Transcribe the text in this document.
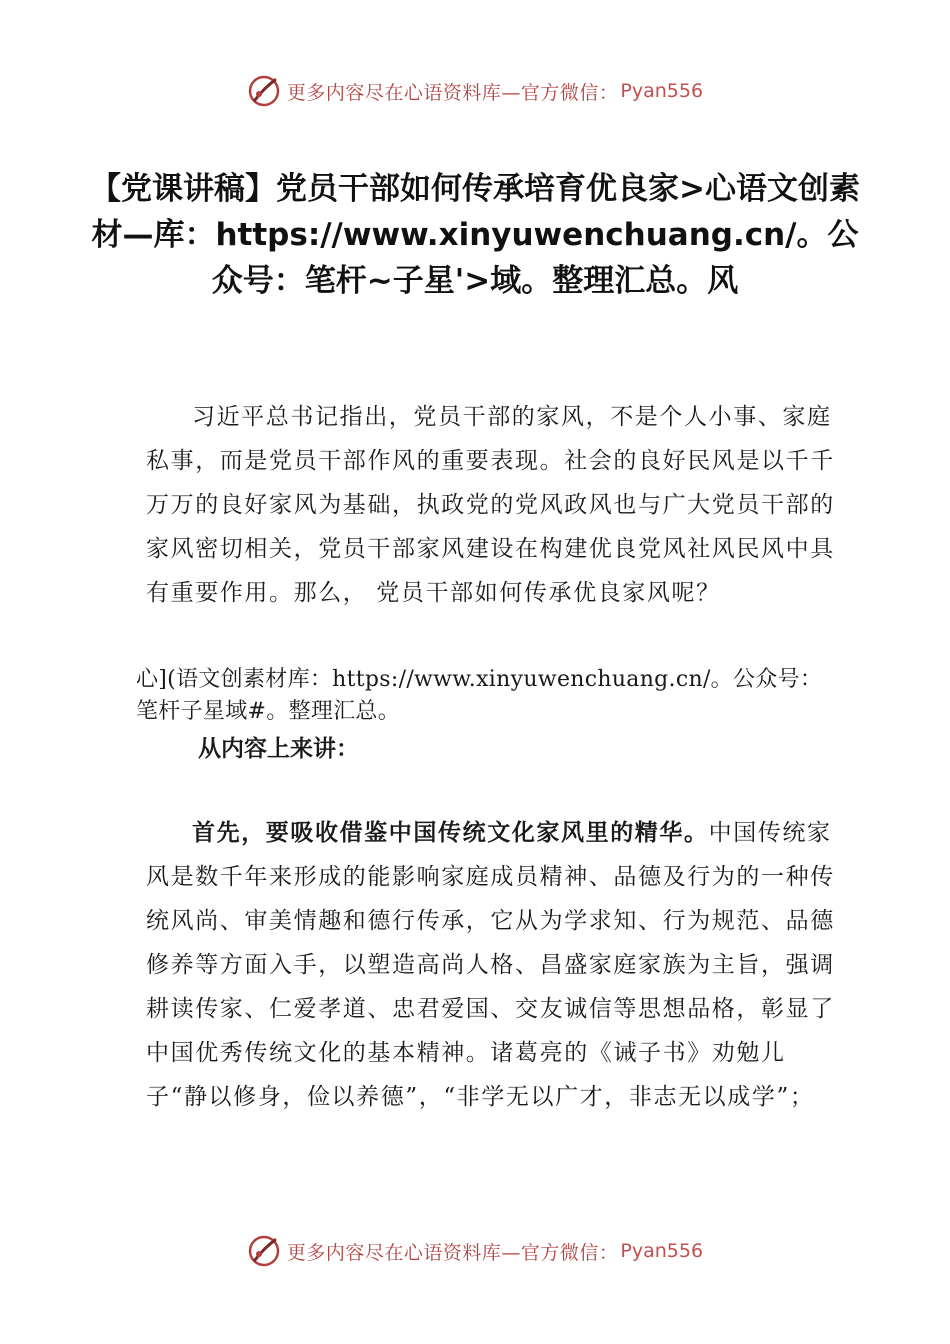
更多内容尽在心语资料库—官方微信： Pyan556
【党课讲稿】党员干部如何传承培育优良家>心语文创素材—库：https://www.xinyuwenchuang.cn/。公众号：笔杆~子星'>域。整理汇总。风

习近平总书记指出，党员干部的家风，不是个人小事、家庭私事，而是党员干部作风的重要表现。社会的良好民风是以千千万万的良好家风为基础，执政党的党风政风也与广大党员干部的家风密切相关，党员干部家风建设在构建优良党风社风民风中具有重要作用。那么， 党员干部如何传承优良家风呢？

心](语文创素材库：https://www.xinyuwenchuang.cn/。公众号：笔杆子星域#。整理汇总。

从内容上来讲：

首先，要吸收借鉴中国传统文化家风里的精华。中国传统家风是数千年来形成的能影响家庭成员精神、品德及行为的一种传统风尚、审美情趣和德行传承，它从为学求知、行为规范、品德修养等方面入手，以塑造高尚人格、昌盛家庭家族为主旨，强调耕读传家、仁爱孝道、忠君爱国、交友诚信等思想品格，彰显了中国优秀传统文化的基本精神。诸葛亮的《诫子书》劝勉儿子“静以修身，俭以养德”，“非学无以广才，非志无以成学”；

更多内容尽在心语资料库—官方微信： Pyan556
